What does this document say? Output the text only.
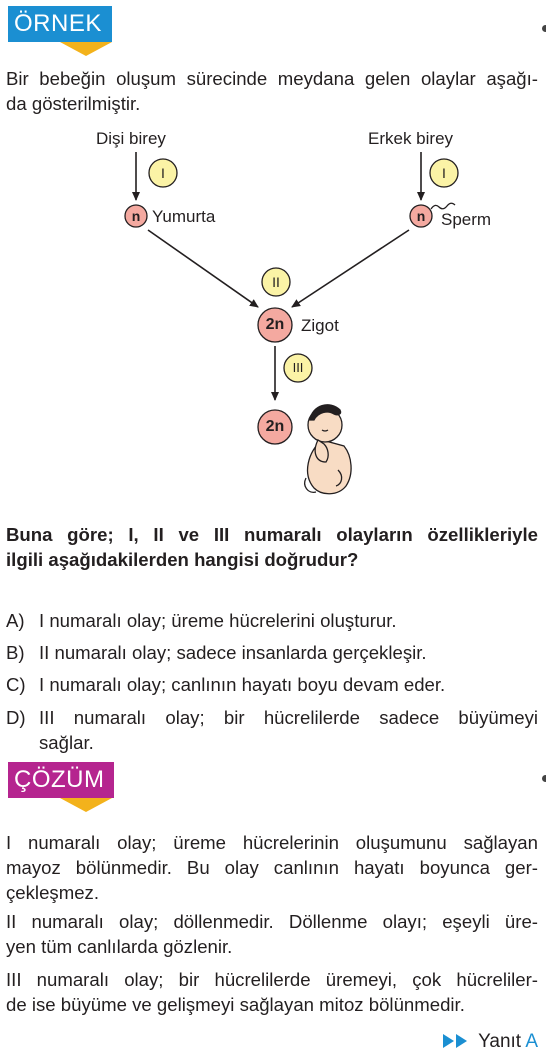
ÖRNEK
Bir bebeğin oluşum sürecinde meydana gelen olaylar aşağı-
da gösterilmiştir.
Dişi birey	Erkek birey
I	I
II
III
n	n
Yumurta	Sperm
2n Zigot
2n
Buna göre; I, II ve III numaralı olayların özellikleriyle
ilgili aşağıdakilerden hangisi doğrudur?
A) I numaralı olay; üreme hücrelerini oluşturur.
B) II numaralı olay; sadece insanlarda gerçekleşir.
C) I numaralı olay; canlının hayatı boyu devam eder.
D) III numaralı olay; bir hücrelilerde sadece büyümeyi
sağlar.
ÇÖZÜM
I numaralı olay; üreme hücrelerinin oluşumunu sağlayan
mayoz bölünmedir. Bu olay canlının hayatı boyunca ger-
çekleşmez.
II numaralı olay; döllenmedir. Döllenme olayı; eşeyli üre-
yen tüm canlılarda gözlenir.
III numaralı olay; bir hücrelilerde üremeyi, çok hücreliler-
de ise büyüme ve gelişmeyi sağlayan mitoz bölünmedir.
Yanıt A
